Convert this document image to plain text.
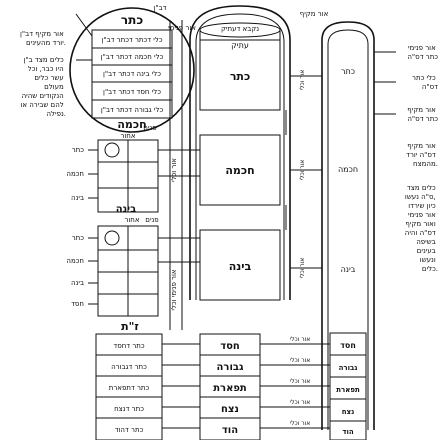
כתר
כלי דכתר דכתר דב"ן
כלי חכמה דכתר דב"ן
כלי בינה דכתר דב"ן
כלי חסד דכתר דב"ן
כלי גבורה דכתר דב"ן
חכמה
דב"ן
אור פנימי
אור מקיף
אור מקיף דב"ן יורד מהעינים.
כלים מצד ב"ן היו כבר, וכל עשר כלים מעולם הנקודים שהיה להם שבירה או נפילה.
נקבא דעתיק
עתיק
כתר
חכמה
בינה
כתר
חכמה
בינה
חסד
גבורה
תפארת
נצח
הוד
אור פנימי כתר דס"ה
כלי כתר דס"ה
אור מקיף כתר דס"ה
אור מקיף דס"ה יורד מהמצח.
כלים מצד ס"ה נעשו, כיון שירדו אור פנימי ואור מקיף דס"ה והיה בשיפה בעינים ונעשו כלים.
אחור
פנים
כתר
חכמה
בינה
בינה
אחור פנים
כתר
חכמה
בינה
חסד
אור וכלי
אור פנימי וכלי
ז"ת
כתר דחסד
כתר דגבורה
כתר דתפארת
כתר דנצח
כתר דהוד
חסד
גבורה
תפארת
נצח
הוד
אור וכלי
אור וכלי
אור וכלי
אור וכלי
אור וכלי
אור וכלי
אור וכלי
אור וכלי
